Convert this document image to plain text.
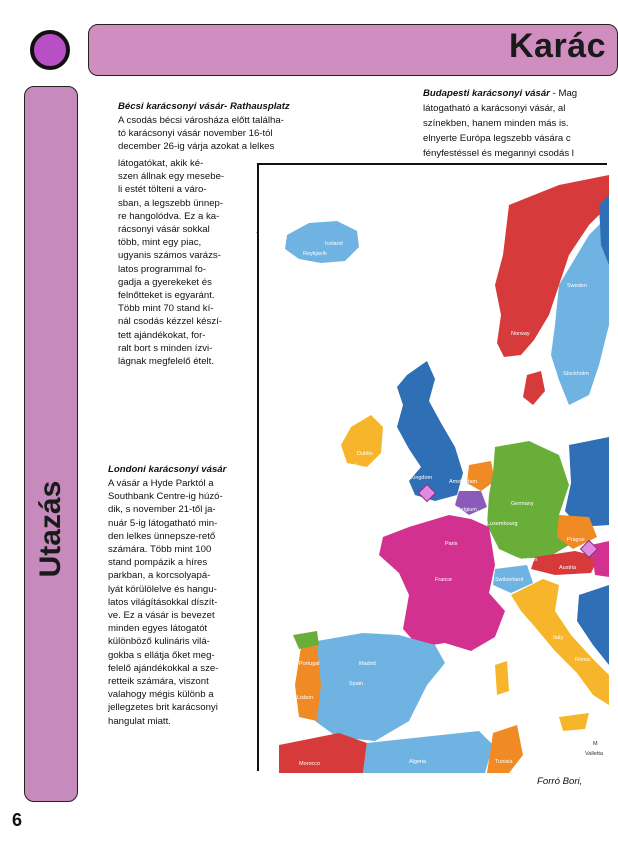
Karác
Utazás

Bécsi karácsonyi vásár- Rathausplatz

A csodás bécsi városháza előtt találha-

tó karácsonyi vásár november 16-tól

december 26-ig várja azokat a lelkes

látogatókat, akik ké-

szen állnak egy mesebe-

li estét tölteni a váro-

sban, a legszebb ünnep-

re hangolódva. Ez a ka-

rácsonyi vásár sokkal

több, mint egy piac,

ugyanis számos varázs-

latos programmal fo-

gadja a gyerekeket és

felnőtteket is egyaránt.

Több mint 70 stand kí-

nál csodás kézzel készí-

tett ajándékokat, for-

ralt bort s minden ízvi-

lágnak megfelelő ételt.

Londoni karácsonyi vásár

A vásár a Hyde Parktól a

Southbank Centre-ig húzó-

dik, s november 21-től ja-

nuár 5-ig látogatható min-

den lelkes ünnepsze-rető

számára. Több mint 100

stand pompázik a híres

parkban, a korcsolyapá-

lyát körülölelve és hangu-

latos világításokkal díszít-

ve. Ez a vásár is bevezet

minden egyes látogatót

különböző kulináris vilá-

gokba s ellátja őket meg-

felelő ajándékokkal a sze-

retteik számára, viszont

valahogy mégis különb a

jellegzetes brit karácsonyi

hangulat miatt.

Budapesti karácsonyi vásár - Mag
látogatható a karácsonyi vásár, al
színekben, hanem minden más is.
elnyerte Európa legszebb vására c
fényfestéssel és megannyi csodás l
Iceland
Reykjavík
Norway
Sweden
Oslo
Stockholm
United Kingdom
London
Dublin
Ireland
Amsterdam
Belgium
Germany
Luxembourg
Liechtenstein
Austria
Switzerland
Prague
Paris
France
Italy
Roma
Portugal
Lisbon
Madrid
Spain
Morocco	Algeria	Tunisia
M
Valletta
Forró Bori,
6
